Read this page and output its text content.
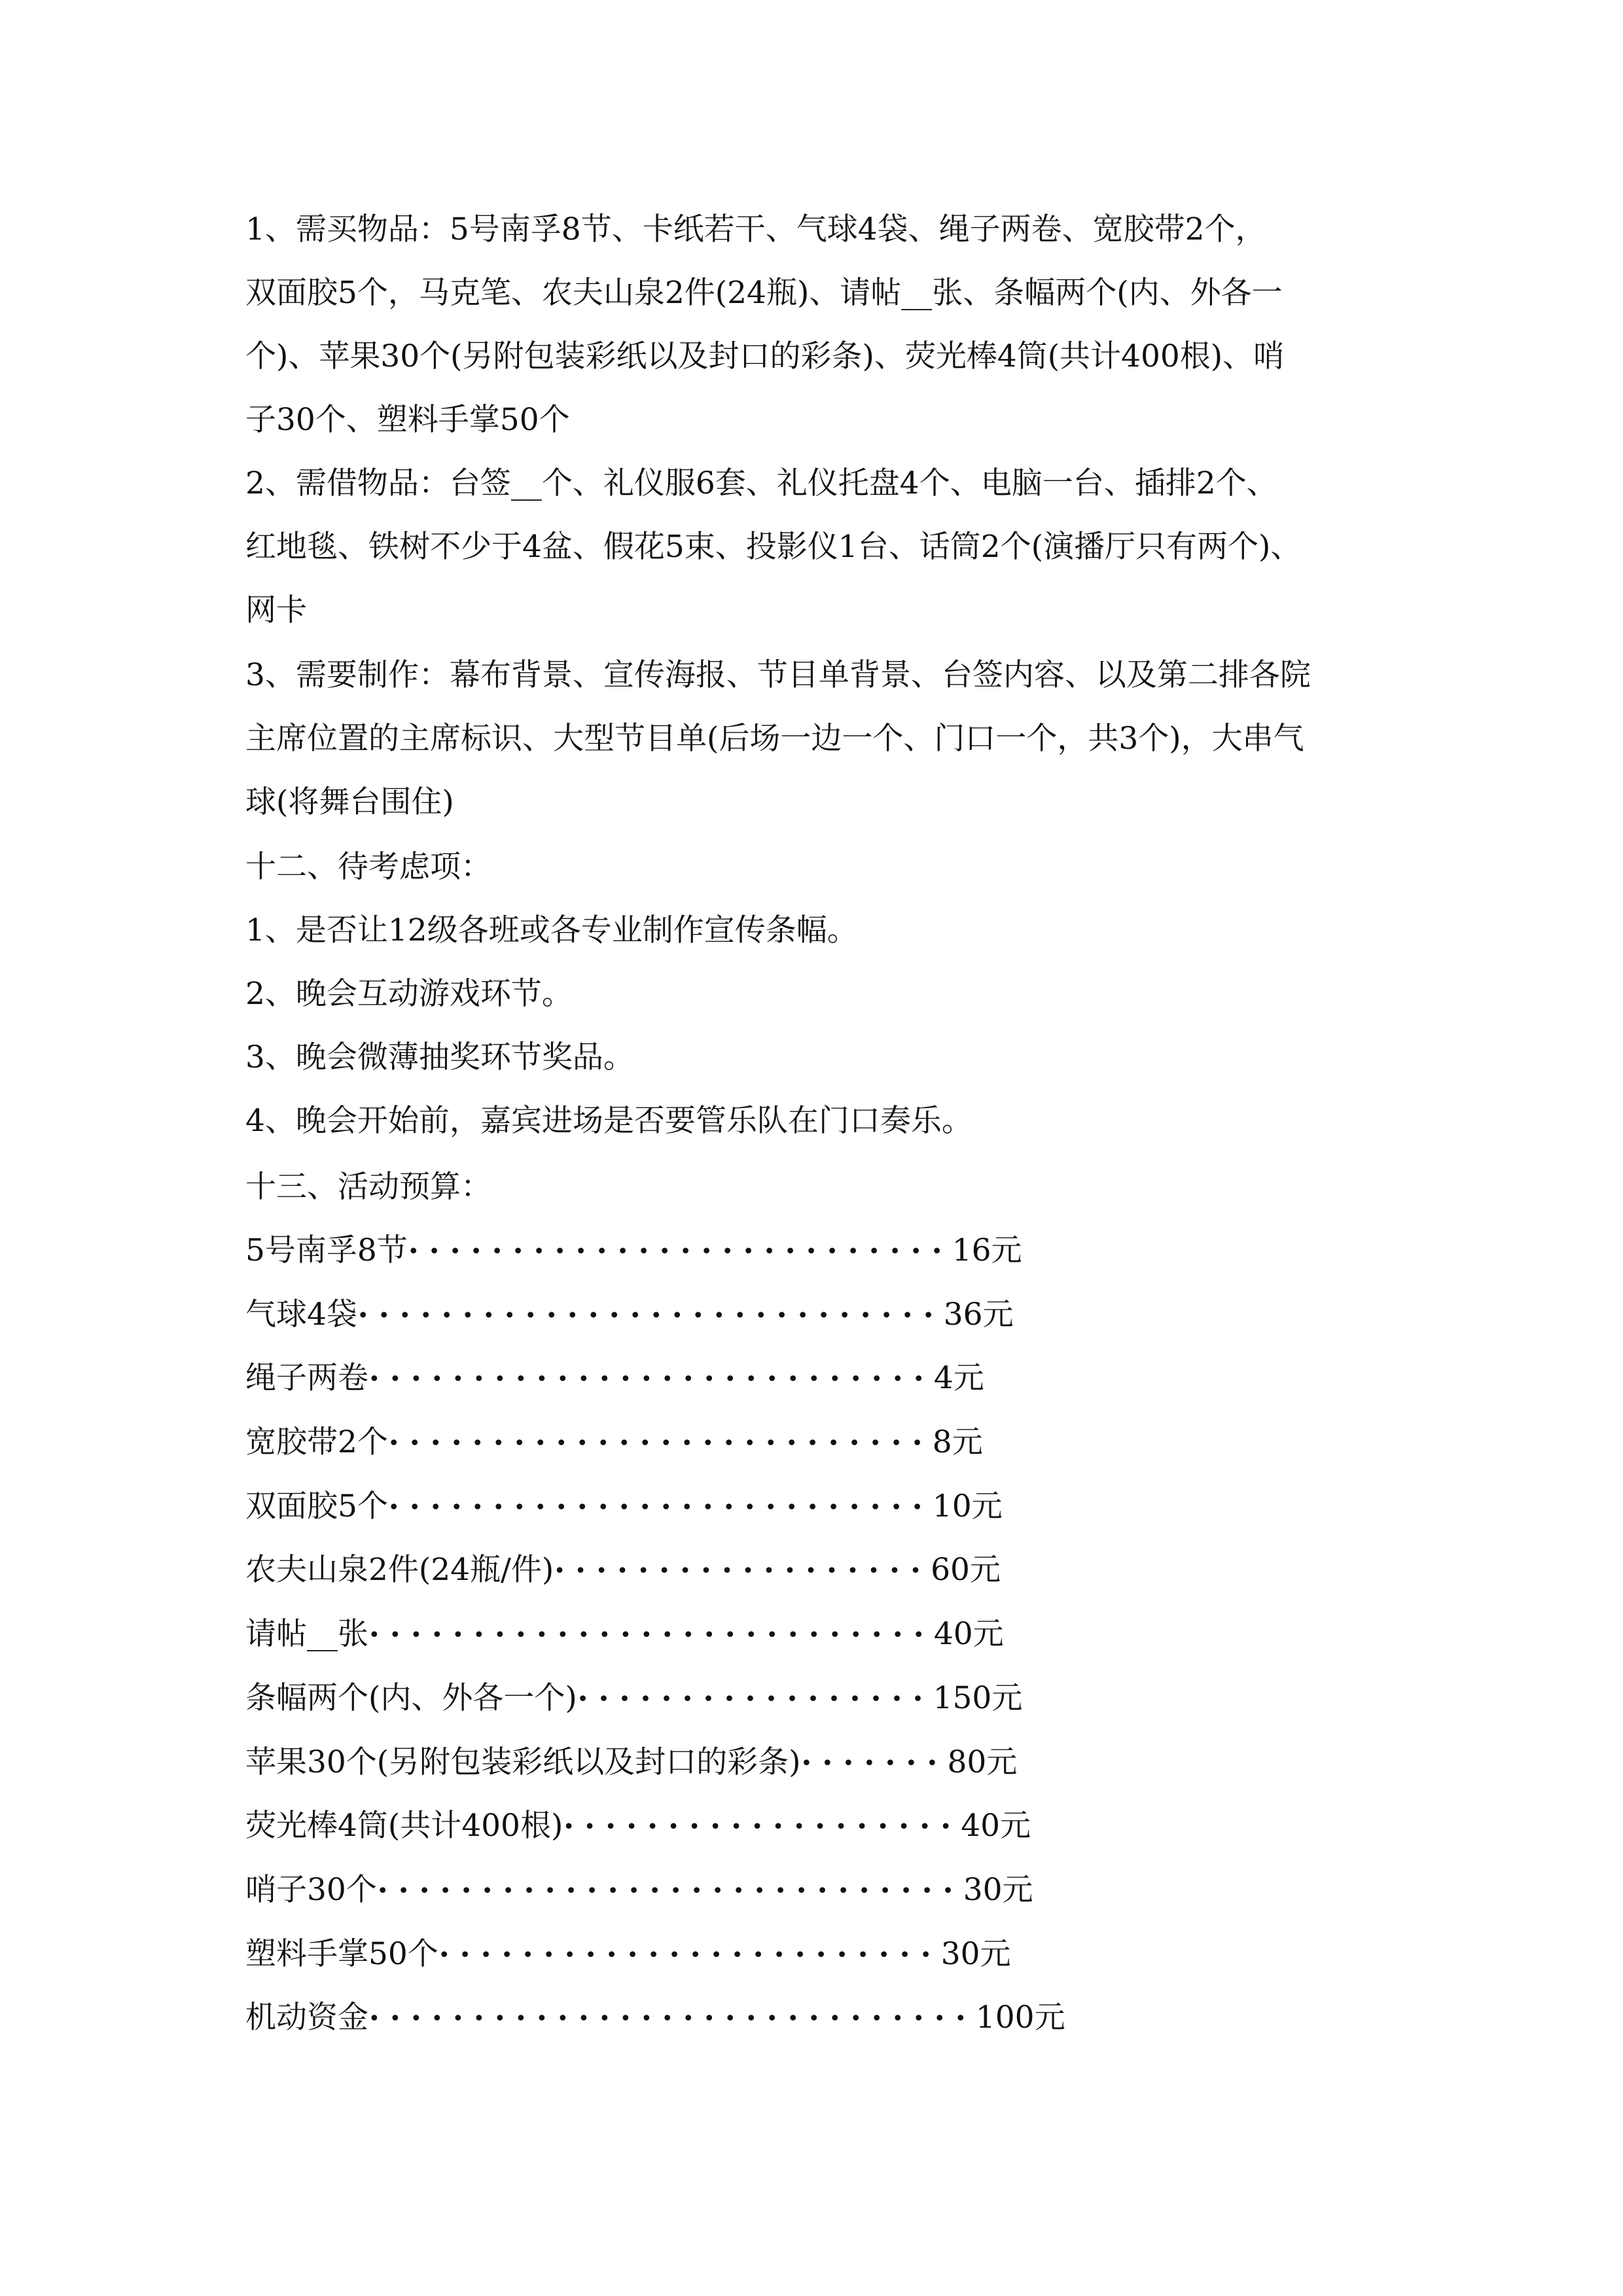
1、需买物品：5号南孚8节、卡纸若干、气球4袋、绳子两卷、宽胶带2个，
双面胶5个，马克笔、农夫山泉2件(24瓶)、请帖__张、条幅两个(内、外各一
个)、苹果30个(另附包装彩纸以及封口的彩条)、荧光棒4筒(共计400根)、哨
子30个、塑料手掌50个
2、需借物品：台签__个、礼仪服6套、礼仪托盘4个、电脑一台、插排2个、
红地毯、铁树不少于4盆、假花5束、投影仪1台、话筒2个(演播厅只有两个)、
网卡
3、需要制作：幕布背景、宣传海报、节目单背景、台签内容、以及第二排各院
主席位置的主席标识、大型节目单(后场一边一个、门口一个，共3个)，大串气
球(将舞台围住)
十二、待考虑项：
1、是否让12级各班或各专业制作宣传条幅。
2、晚会互动游戏环节。
3、晚会微薄抽奖环节奖品。
4、晚会开始前，嘉宾进场是否要管乐队在门口奏乐。
十三、活动预算：
5号南孚8节••••••••••••••••••••••••••16元
气球4袋••••••••••••••••••••••••••••36元
绳子两卷•••••••••••••••••••••••••••4元
宽胶带2个••••••••••••••••••••••••••8元
双面胶5个••••••••••••••••••••••••••10元
农夫山泉2件(24瓶/件)••••••••••••••••••60元
请帖__张•••••••••••••••••••••••••••40元
条幅两个(内、外各一个)•••••••••••••••••150元
苹果30个(另附包装彩纸以及封口的彩条)•••••••80元
荧光棒4筒(共计400根)•••••••••••••••••••40元
哨子30个••••••••••••••••••••••••••••30元
塑料手掌50个••••••••••••••••••••••••30元
机动资金•••••••••••••••••••••••••••••100元
